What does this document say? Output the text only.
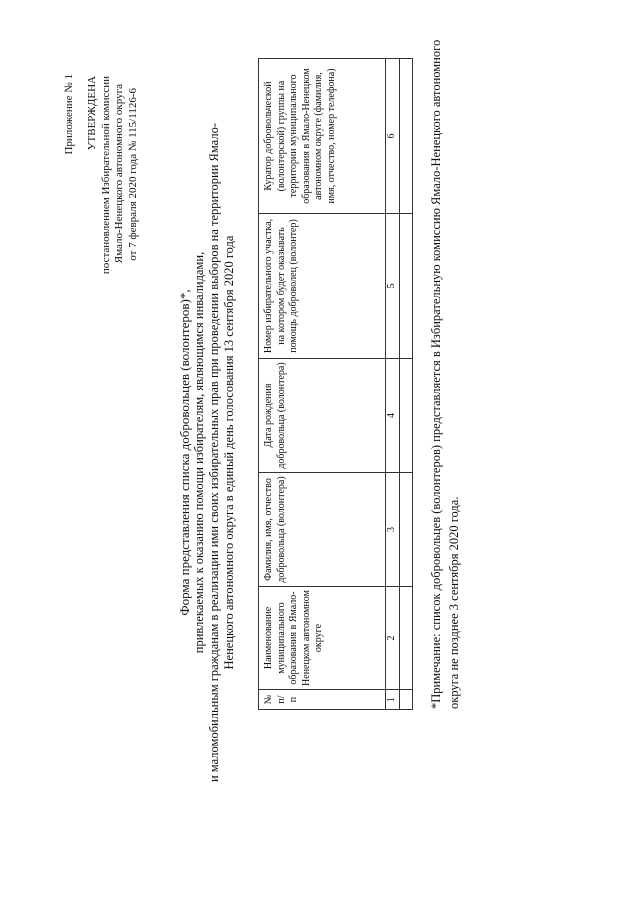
Приложение № 1 УТВЕРЖДЕНА постановлением Избирательной комиссии Ямало-Ненецкого автономного округа от 7 февраля 2020 года № 115/1126-6
Форма представления списка добровольцев (волонтеров)*, привлекаемых к оказанию помощи избирателям, являющимся инвалидами, и маломобильным гражданам в реализации ими своих избирательных прав при проведении выборов на территории Ямало- Ненецкого автономного округа в единый день голосования 13 сентября 2020 года
№ п/п	Наименование муниципального образования в Ямало-Ненецком автономном округе	Фамилия, имя, отчество добровольца (волонтера)	Дата рождения добровольца (волонтера)	Номер избирательного участка, на котором будет оказывать помощь доброволец (волонтер)	Куратор добровольческой (волонтерской) группы на территории муниципального образования в Ямало-Ненецком автономном округе (фамилия, имя, отчество, номер телефона)
1	2	3	4	5	6
						*Примечание: список добровольцев (волонтеров) представляется в Избирательную комиссию Ямало-Ненецкого автономного округа не позднее 3 сентября 2020 года.
